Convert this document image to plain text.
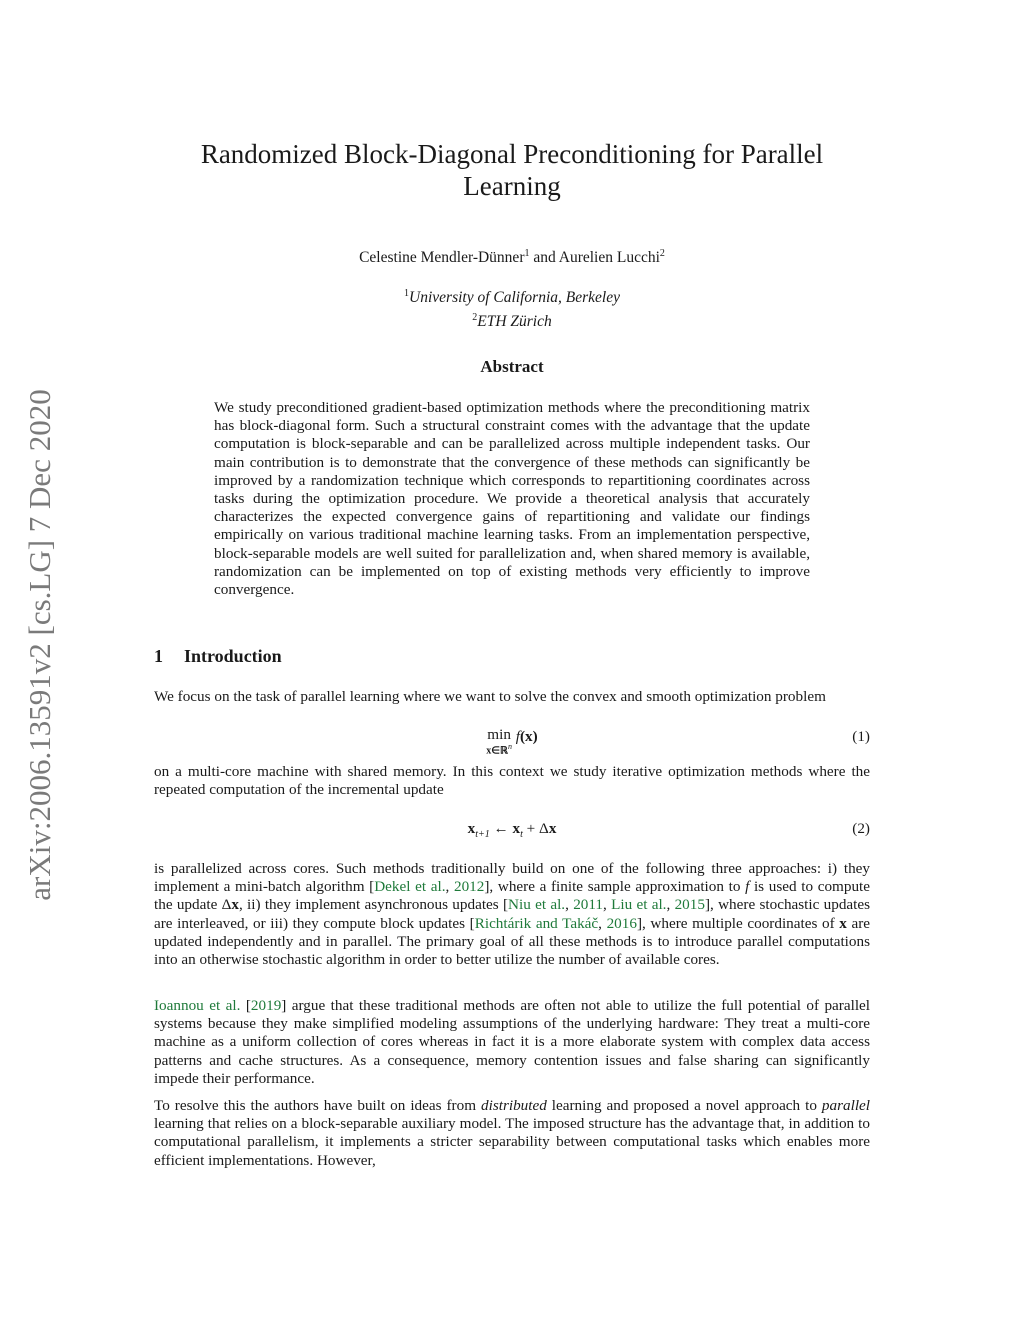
arXiv:2006.13591v2 [cs.LG] 7 Dec 2020
Randomized Block-Diagonal Preconditioning for Parallel Learning
Celestine Mendler-Dünner$^1$ and Aurelien Lucchi$^2$
$^1$University of California, Berkeley
$^2$ETH Zürich
Abstract
We study preconditioned gradient-based optimization methods where the preconditioning matrix has block-diagonal form. Such a structural constraint comes with the advantage that the update computation is block-separable and can be parallelized across multiple independent tasks. Our main contribution is to demonstrate that the convergence of these methods can significantly be improved by a randomization technique which corresponds to repartitioning coordinates across tasks during the optimization procedure. We provide a theoretical analysis that accurately characterizes the expected convergence gains of repartitioning and validate our findings empirically on various traditional machine learning tasks. From an implementation perspective, block-separable models are well suited for parallelization and, when shared memory is available, randomization can be implemented on top of existing methods very efficiently to improve convergence.
1 Introduction
We focus on the task of parallel learning where we want to solve the convex and smooth optimization problem
min
x∈ℝ$^n$
f(x)	(1)
on a multi-core machine with shared memory. In this context we study iterative optimization methods where the repeated computation of the incremental update
$x_{t+1}$ ← $x_t + \Delta x$	(2)
is parallelized across cores. Such methods traditionally build on one of the following three approaches: i) they implement a mini-batch algorithm [Dekel et al., 2012], where a finite sample approximation to f is used to compute the update Δx, ii) they implement asynchronous updates [Niu et al., 2011, Liu et al., 2015], where stochastic updates are interleaved, or iii) they compute block updates [Richtárik and Takáč, 2016], where multiple coordinates of x are updated independently and in parallel. The primary goal of all these methods is to introduce parallel computations into an otherwise stochastic algorithm in order to better utilize the number of available cores.
Ioannou et al. [2019] argue that these traditional methods are often not able to utilize the full potential of parallel systems because they make simplified modeling assumptions of the underlying hardware: They treat a multi-core machine as a uniform collection of cores whereas in fact it is a more elaborate system with complex data access patterns and cache structures. As a consequence, memory contention issues and false sharing can significantly impede their performance.
To resolve this the authors have built on ideas from distributed learning and proposed a novel approach to parallel learning that relies on a block-separable auxiliary model. The imposed structure has the advantage that, in addition to computational parallelism, it implements a stricter separability between computational tasks which enables more efficient implementations. However,
